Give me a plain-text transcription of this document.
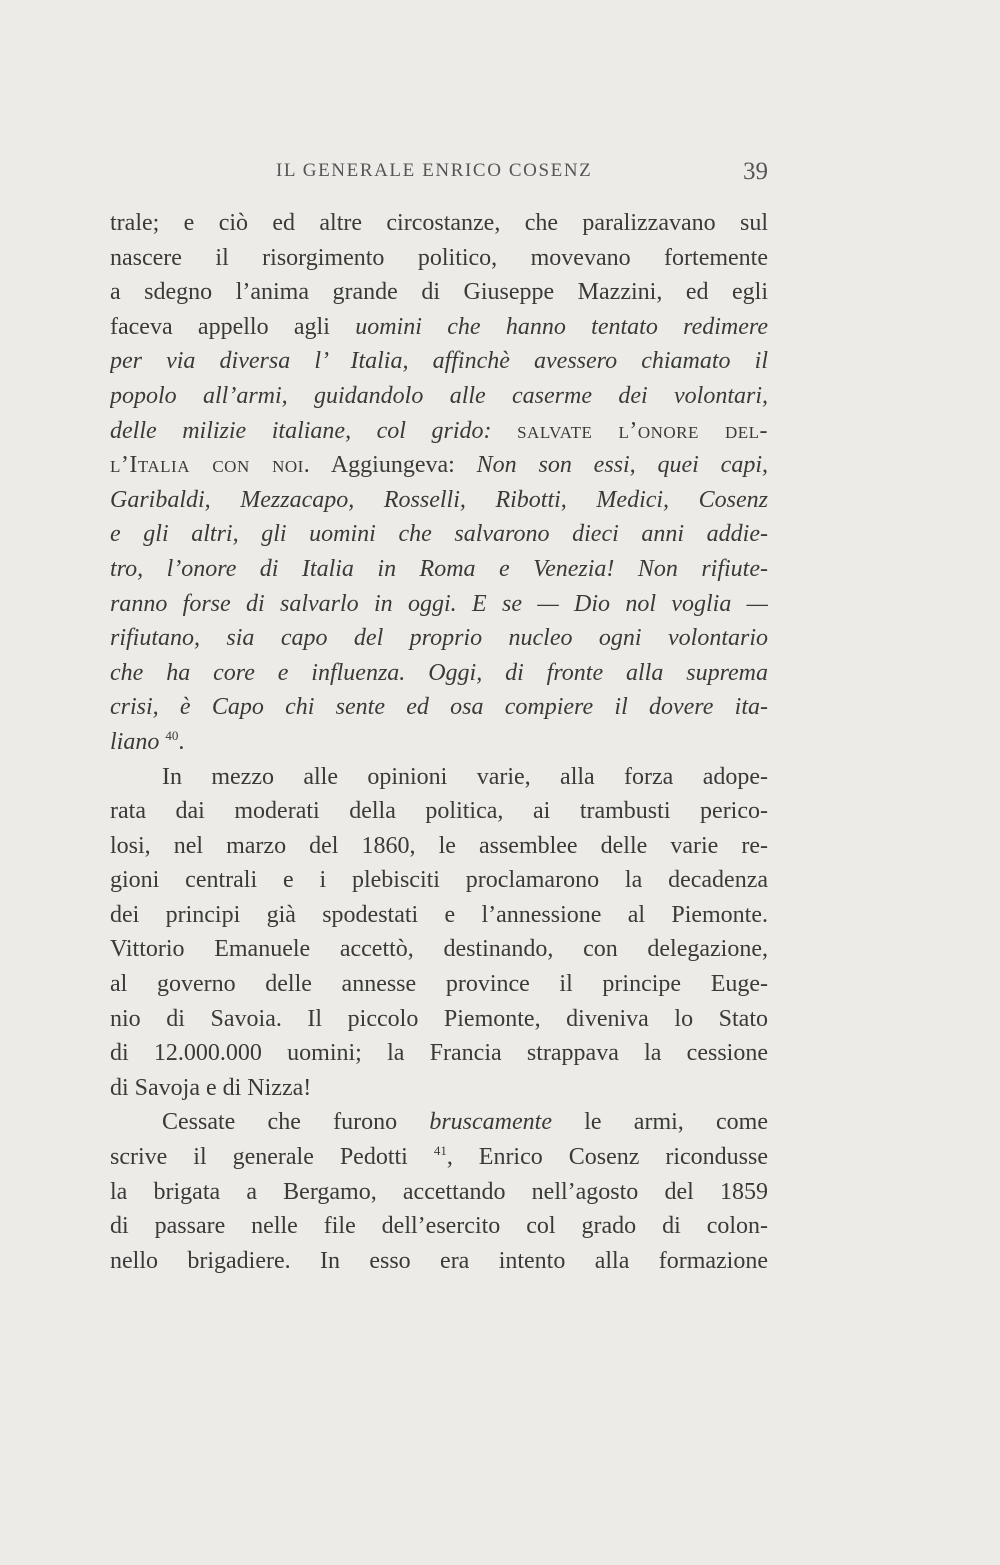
IL GENERALE ENRICO COSENZ	39
trale; e ciò ed altre circostanze, che paralizzavano sul
nascere il risorgimento politico, movevano fortemente
a sdegno l’anima grande di Giuseppe Mazzini, ed egli
faceva appello agli uomini che hanno tentato redimere
per via diversa l’ Italia, affinchè avessero chiamato il
popolo all’armi, guidandolo alle caserme dei volontari,
delle milizie italiane, col grido: salvate l’onore del-
l’Italia con noi. Aggiungeva: Non son essi, quei capi,
Garibaldi, Mezzacapo, Rosselli, Ribotti, Medici, Cosenz
e gli altri, gli uomini che salvarono dieci anni addie-
tro, l’onore di Italia in Roma e Venezia! Non rifiute-
ranno forse di salvarlo in oggi. E se — Dio nol voglia —
rifiutano, sia capo del proprio nucleo ogni volontario
che ha core e influenza. Oggi, di fronte alla suprema
crisi, è Capo chi sente ed osa compiere il dovere ita-
liano $^{40}$.
In mezzo alle opinioni varie, alla forza adope-
rata dai moderati della politica, ai trambusti perico-
losi, nel marzo del 1860, le assemblee delle varie re-
gioni centrali e i plebisciti proclamarono la decadenza
dei principi già spodestati e l’annessione al Piemonte.
Vittorio Emanuele accettò, destinando, con delegazione,
al governo delle annesse province il principe Euge-
nio di Savoia. Il piccolo Piemonte, diveniva lo Stato
di 12.000.000 uomini; la Francia strappava la cessione
di Savoja e di Nizza!
Cessate che furono bruscamente le armi, come
scrive il generale Pedotti $^{41}$, Enrico Cosenz ricondusse
la brigata a Bergamo, accettando nell’agosto del 1859
di passare nelle file dell’esercito col grado di colon-
nello brigadiere. In esso era intento alla formazione
